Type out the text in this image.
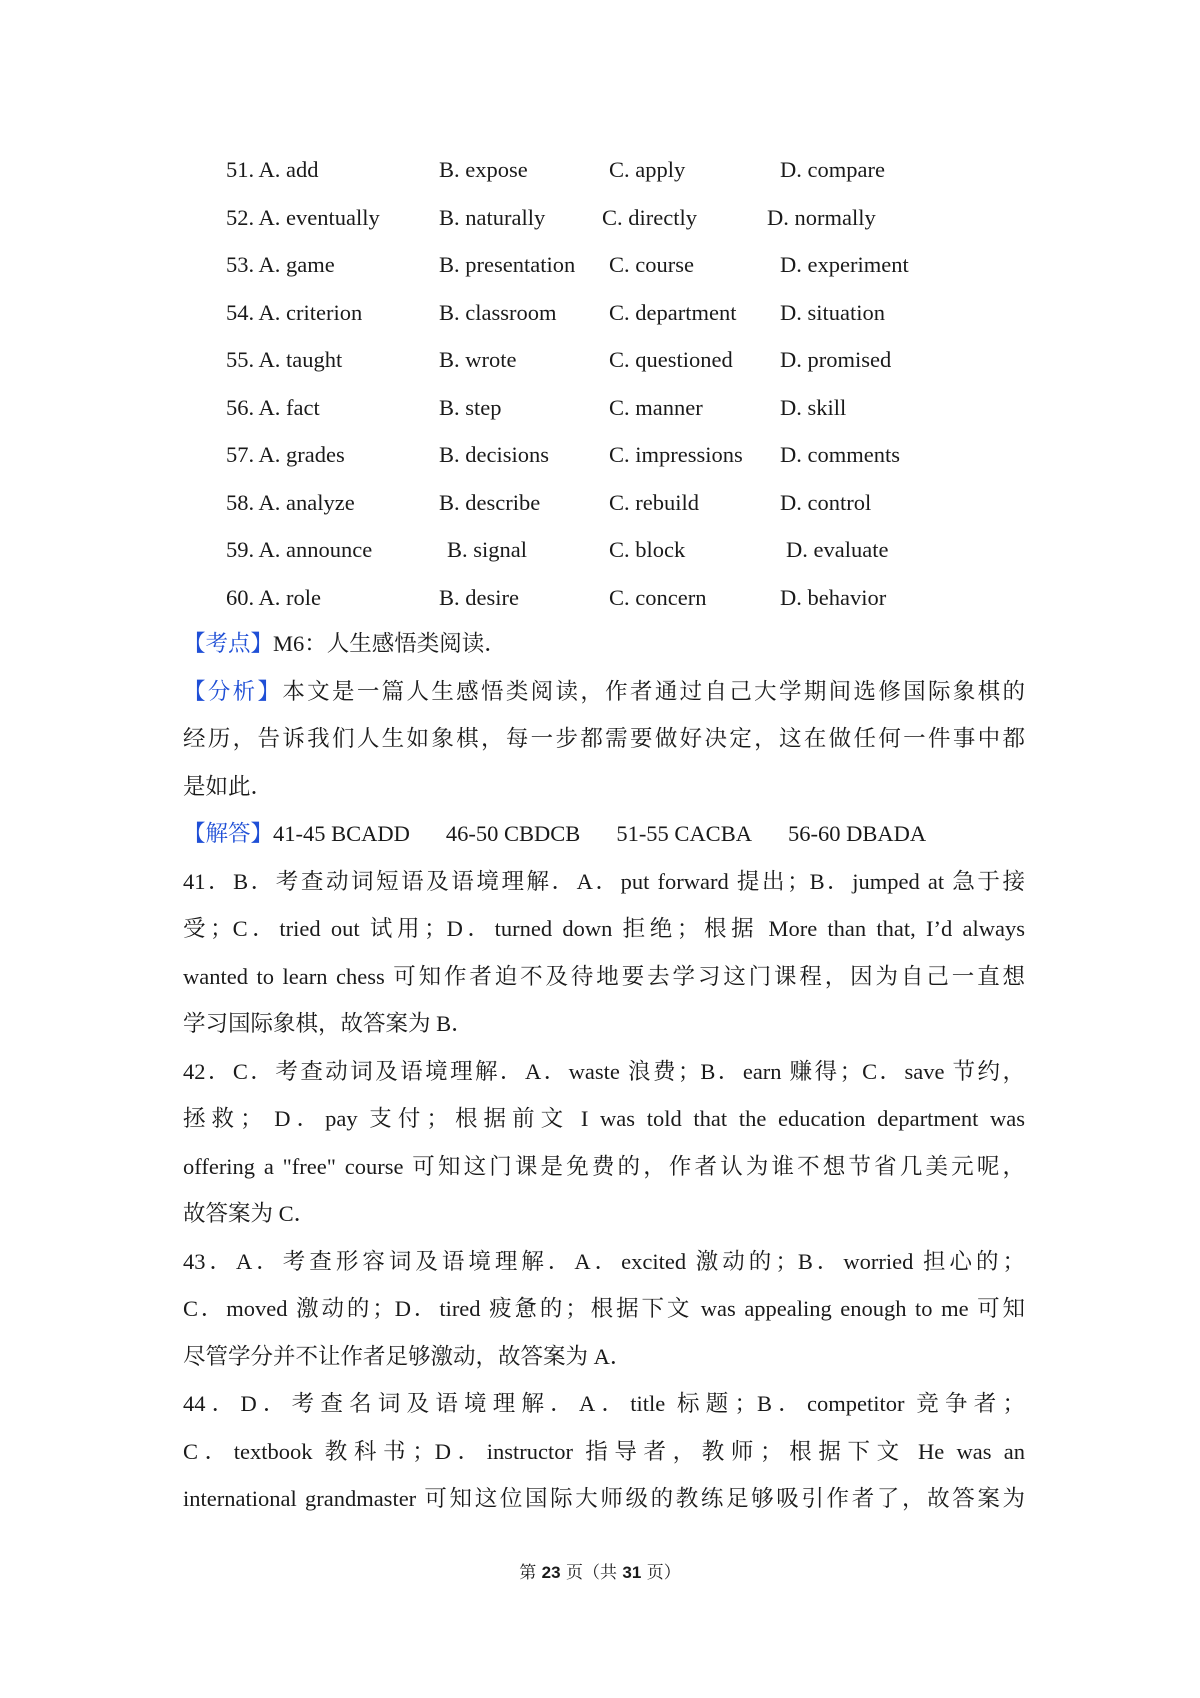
51. A. add	B. expose	C. apply	D. compare
52. A. eventually	B. naturally	C. directly	D. normally
53. A. game	B. presentation C. course	D. experiment
54. A. criterion	B. classroom C. department D. situation
55. A. taught	B. wrote	C. questioned D. promised
56. A. fact	B. step	C. manner	D. skill
57. A. grades	B. decisions	C. impressions D. comments
58. A. analyze	B. describe	C. rebuild	D. control
59. A. announce	B. signal	C. block	D. evaluate
60. A. role	B. desire	C. concern	D. behavior
【考点】M6：人生感悟类阅读．
【分析】本文是一篇人生感悟类阅读，作者通过自己大学期间选修国际象棋的
经历，告诉我们人生如象棋，每一步都需要做好决定，这在做任何一件事中都
是如此．
【解答】41-45 BCADD 46-50 CBDCB 51-55 CACBA 56-60 DBADA
41．B．考查动词短语及语境理解．A．put forward 提出；B．jumped at 急于接
受；C．tried out 试用；D．turned down 拒绝；根据 More than that, I’d always
wanted to learn chess 可知作者迫不及待地要去学习这门课程，因为自己一直想
学习国际象棋，故答案为 B．
42．C．考查动词及语境理解．A．waste 浪费；B．earn 赚得；C．save 节约，
拯救； D．pay 支付；根据前文 I was told that the education department was
offering a "free" course 可知这门课是免费的，作者认为谁不想节省几美元呢，
故答案为 C．
43．A．考查形容词及语境理解．A．excited 激动的；B．worried 担心的；
C．moved 激动的；D．tired 疲惫的；根据下文 was appealing enough to me 可知
尽管学分并不让作者足够激动，故答案为 A．
44．D．考查名词及语境理解．A．title 标题；B．competitor 竞争者；
C．textbook 教科书；D．instructor 指导者，教师；根据下文 He was an
international grandmaster 可知这位国际大师级的教练足够吸引作者了，故答案为
第 23 页（共 31 页）
